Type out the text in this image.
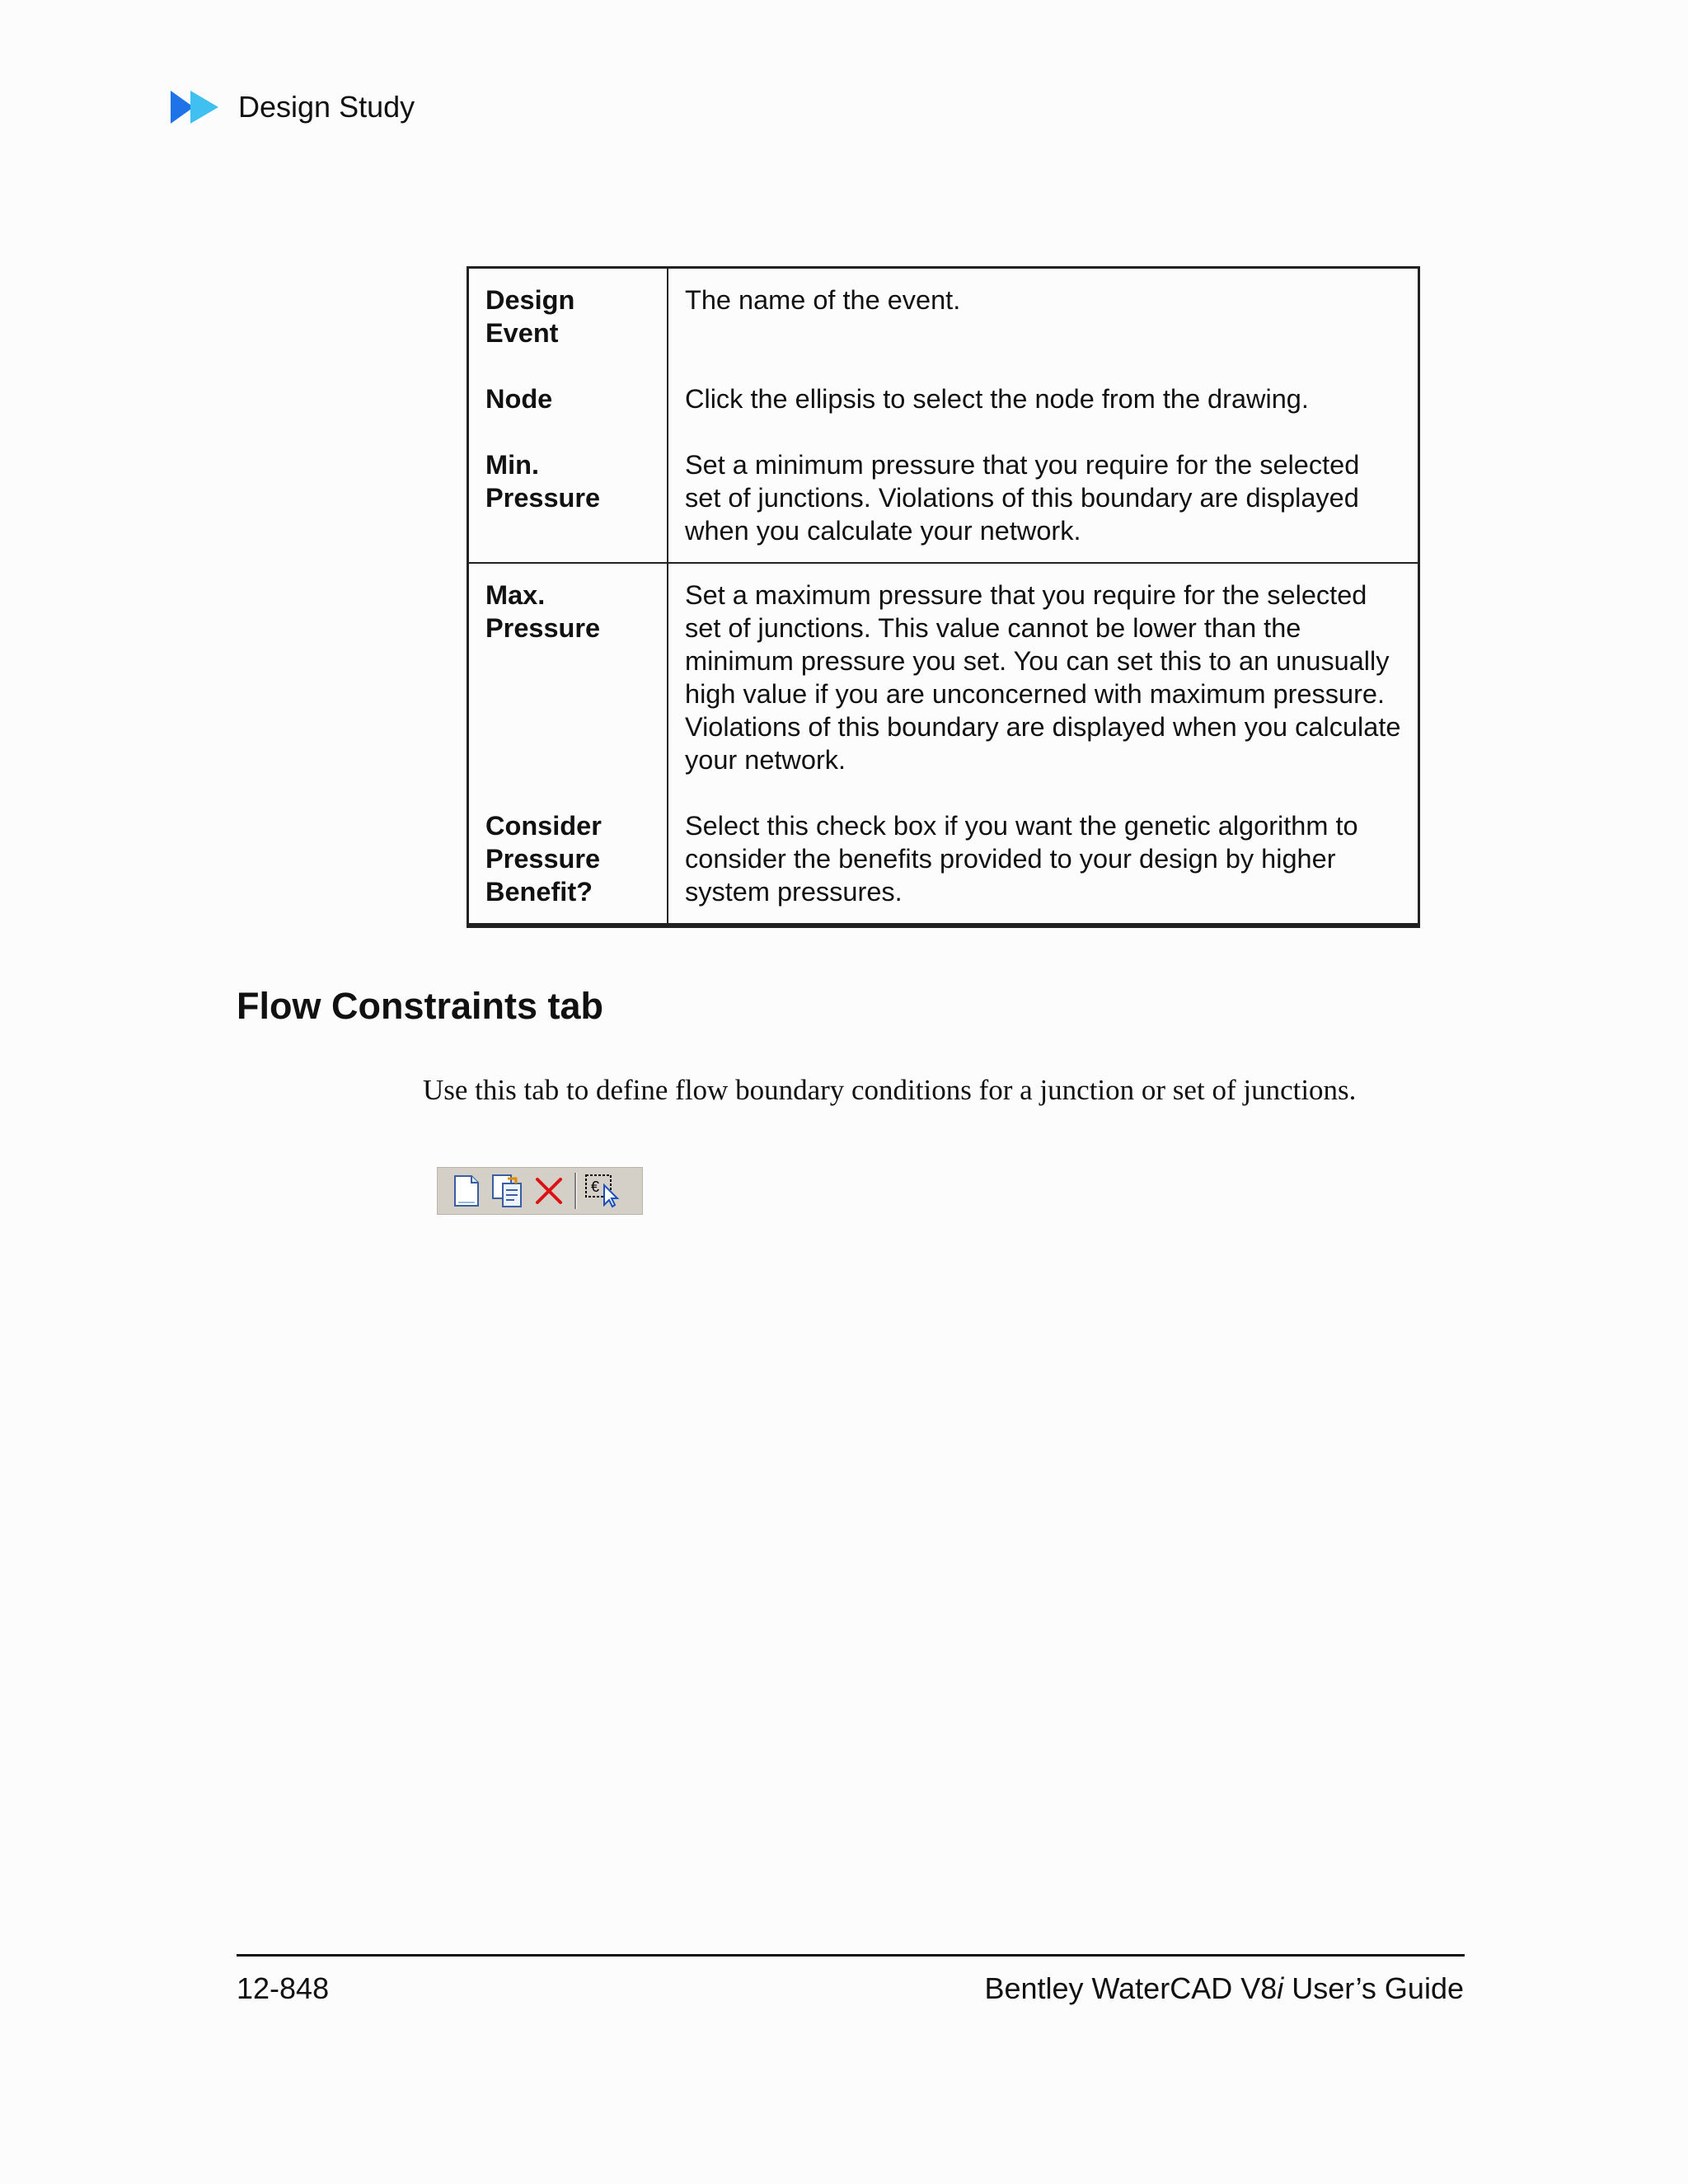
Design Study
Design Event	The name of the event.
Node	Click the ellipsis to select the node from the drawing.
Min. Pressure	Set a minimum pressure that you require for the selected set of junctions. Violations of this boundary are displayed when you calculate your network.
Max. Pressure	Set a maximum pressure that you require for the selected set of junctions. This value cannot be lower than the minimum pressure you set. You can set this to an unusually high value if you are unconcerned with maximum pressure. Violations of this boundary are displayed when you calculate your network.
Consider Pressure Benefit?	Select this check box if you want the genetic algorithm to consider the benefits provided to your design by higher system pressures.
Flow Constraints tab

Use this tab to define flow boundary conditions for a junction or set of junctions.

€
12-848	Bentley WaterCAD V8i User’s Guide
